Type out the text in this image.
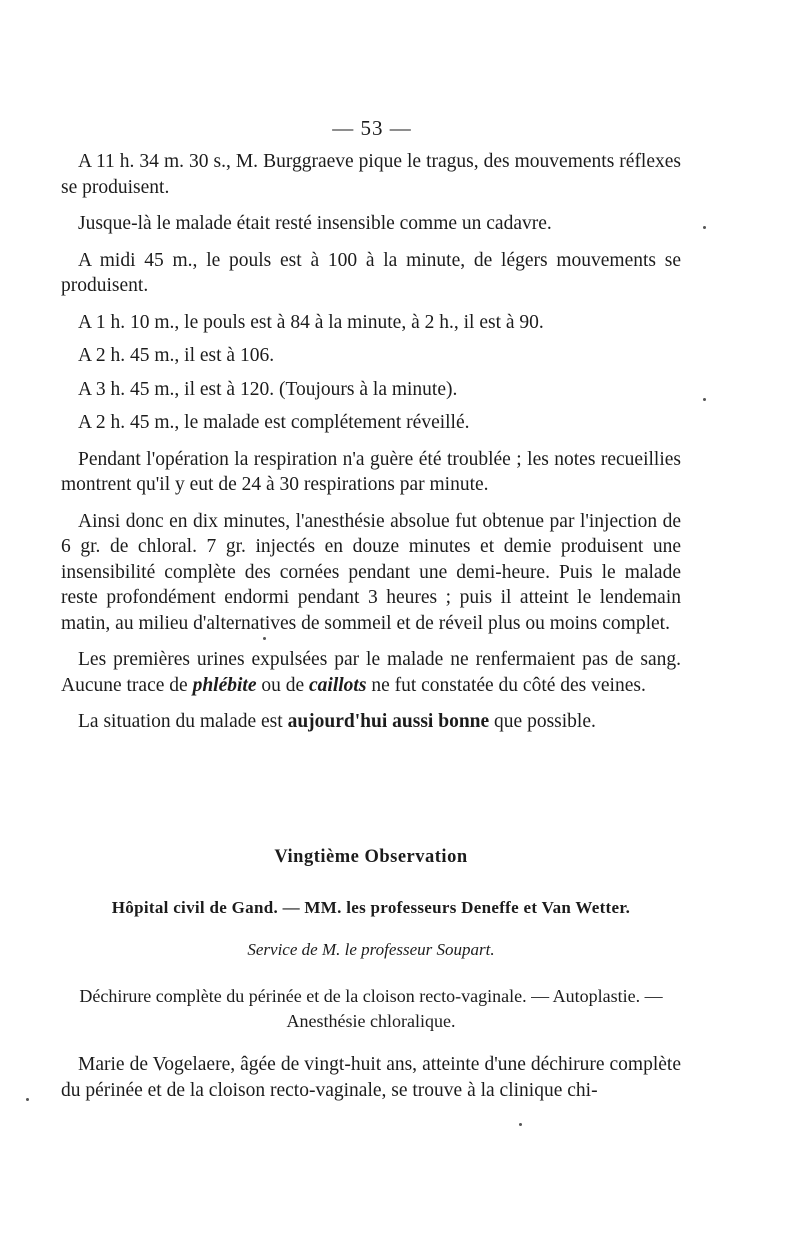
— 53 —

A 11 h. 34 m. 30 s., M. Burggraeve pique le tragus, des mouvements réflexes se produisent.

Jusque-là le malade était resté insensible comme un cadavre.

A midi 45 m., le pouls est à 100 à la minute, de légers mouvements se produisent.

A 1 h. 10 m., le pouls est à 84 à la minute, à 2 h., il est à 90.

A 2 h. 45 m., il est à 106.

A 3 h. 45 m., il est à 120. (Toujours à la minute).

A 2 h. 45 m., le malade est complétement réveillé.

Pendant l'opération la respiration n'a guère été troublée ; les notes recueillies montrent qu'il y eut de 24 à 30 respirations par minute.

Ainsi donc en dix minutes, l'anesthésie absolue fut obtenue par l'injection de 6 gr. de chloral. 7 gr. injectés en douze minutes et demie produisent une insensibilité complète des cornées pendant une demi-heure. Puis le malade reste profondément endormi pendant 3 heures ; puis il atteint le lendemain matin, au milieu d'alternatives de sommeil et de réveil plus ou moins complet.

Les premières urines expulsées par le malade ne renfermaient pas de sang. Aucune trace de phlébite ou de caillots ne fut constatée du côté des veines.

La situation du malade est aujourd'hui aussi bonne que possible.

Vingtième Observation
Hôpital civil de Gand. — MM. les professeurs Deneffe et Van Wetter.
Service de M. le professeur Soupart.
Déchirure complète du périnée et de la cloison recto-vaginale. — Autoplastie. — Anesthésie chloralique.

Marie de Vogelaere, âgée de vingt-huit ans, atteinte d'une déchirure complète du périnée et de la cloison recto-vaginale, se trouve à la clinique chi-
